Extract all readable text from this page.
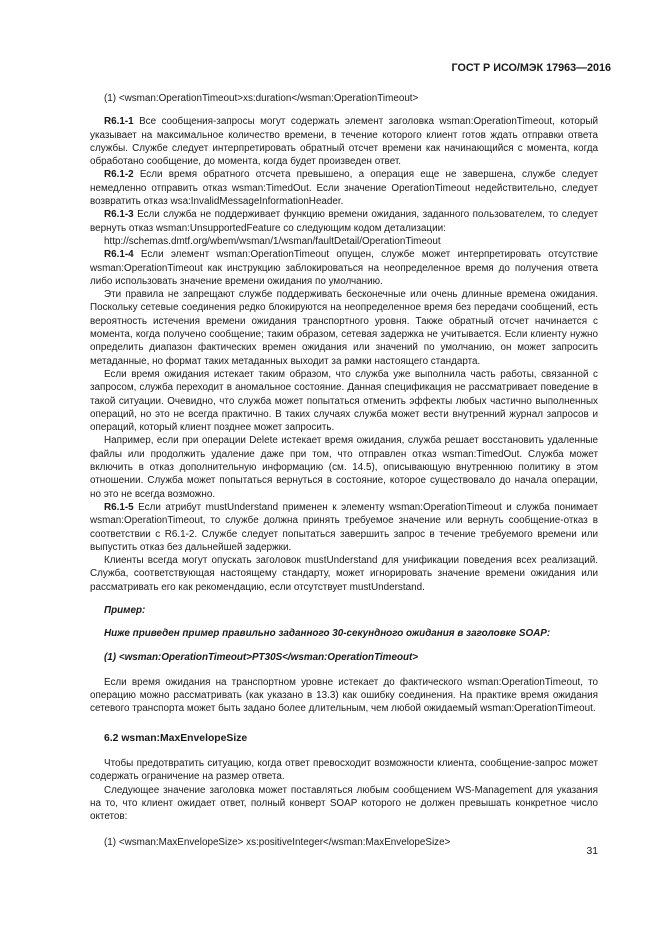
ГОСТ Р ИСО/МЭК 17963—2016

(1) <wsman:OperationTimeout>xs:duration</wsman:OperationTimeout>

R6.1-1 Все сообщения-запросы могут содержать элемент заголовка wsman:OperationTimeout, который указывает на максимальное количество времени, в течение которого клиент готов ждать отправки ответа службы. Службе следует интерпретировать обратный отсчет времени как начинающийся с момента, когда обработано сообщение, до момента, когда будет произведен ответ.

R6.1-2 Если время обратного отсчета превышено, а операция еще не завершена, службе следует немедленно отправить отказ wsman:TimedOut. Если значение OperationTimeout недействительно, следует возвратить отказ wsa:InvalidMessageInformationHeader.

R6.1-3 Если служба не поддерживает функцию времени ожидания, заданного пользователем, то следует вернуть отказ wsman:UnsupportedFeature со следующим кодом детализации:

http://schemas.dmtf.org/wbem/wsman/1/wsman/faultDetail/OperationTimeout

R6.1-4 Если элемент wsman:OperationTimeout опущен, службе может интерпретировать отсутствие wsman:OperationTimeout как инструкцию заблокироваться на неопределенное время до получения ответа либо использовать значение времени ожидания по умолчанию.

Эти правила не запрещают службе поддерживать бесконечные или очень длинные времена ожидания. Поскольку сетевые соединения редко блокируются на неопределенное время без передачи сообщений, есть вероятность истечения времени ожидания транспортного уровня. Также обратный отсчет начинается с момента, когда получено сообщение; таким образом, сетевая задержка не учитывается. Если клиенту нужно определить диапазон фактических времен ожидания или значений по умолчанию, он может запросить метаданные, но формат таких метаданных выходит за рамки настоящего стандарта.

Если время ожидания истекает таким образом, что служба уже выполнила часть работы, связанной с запросом, служба переходит в аномальное состояние. Данная спецификация не рассматривает поведение в такой ситуации. Очевидно, что служба может попытаться отменить эффекты любых частично выполненных операций, но это не всегда практично. В таких случаях служба может вести внутренний журнал запросов и операций, который клиент позднее может запросить.

Например, если при операции Delete истекает время ожидания, служба решает восстановить удаленные файлы или продолжить удаление даже при том, что отправлен отказ wsman:TimedOut. Служба может включить в отказ дополнительную информацию (см. 14.5), описывающую внутреннюю политику в этом отношении. Служба может попытаться вернуться в состояние, которое существовало до начала операции, но это не всегда возможно.

R6.1-5 Если атрибут mustUnderstand применен к элементу wsman:OperationTimeout и служба понимает wsman:OperationTimeout, то службе должна принять требуемое значение или вернуть сообщение-отказ в соответствии с R6.1-2. Службе следует попытаться завершить запрос в течение требуемого времени или выпустить отказ без дальнейшей задержки.

Клиенты всегда могут опускать заголовок mustUnderstand для унификации поведения всех реализаций. Служба, соответствующая настоящему стандарту, может игнорировать значение времени ожидания или рассматривать его как рекомендацию, если отсутствует mustUnderstand.

Пример:

Ниже приведен пример правильно заданного 30-секундного ожидания в заголовке SOAP:

(1) <wsman:OperationTimeout>PT30S</wsman:OperationTimeout>

Если время ожидания на транспортном уровне истекает до фактического wsman:OperationTimeout, то операцию можно рассматривать (как указано в 13.3) как ошибку соединения. На практике время ожидания сетевого транспорта может быть задано более длительным, чем любой ожидаемый wsman:OperationTimeout.

6.2 wsman:MaxEnvelopeSize

Чтобы предотвратить ситуацию, когда ответ превосходит возможности клиента, сообщение-запрос может содержать ограничение на размер ответа.

Следующее значение заголовка может поставляться любым сообщением WS-Management для указания на то, что клиент ожидает ответ, полный конверт SOAP которого не должен превышать конкретное число октетов:

(1) <wsman:MaxEnvelopeSize> xs:positiveInteger</wsman:MaxEnvelopeSize>

31
